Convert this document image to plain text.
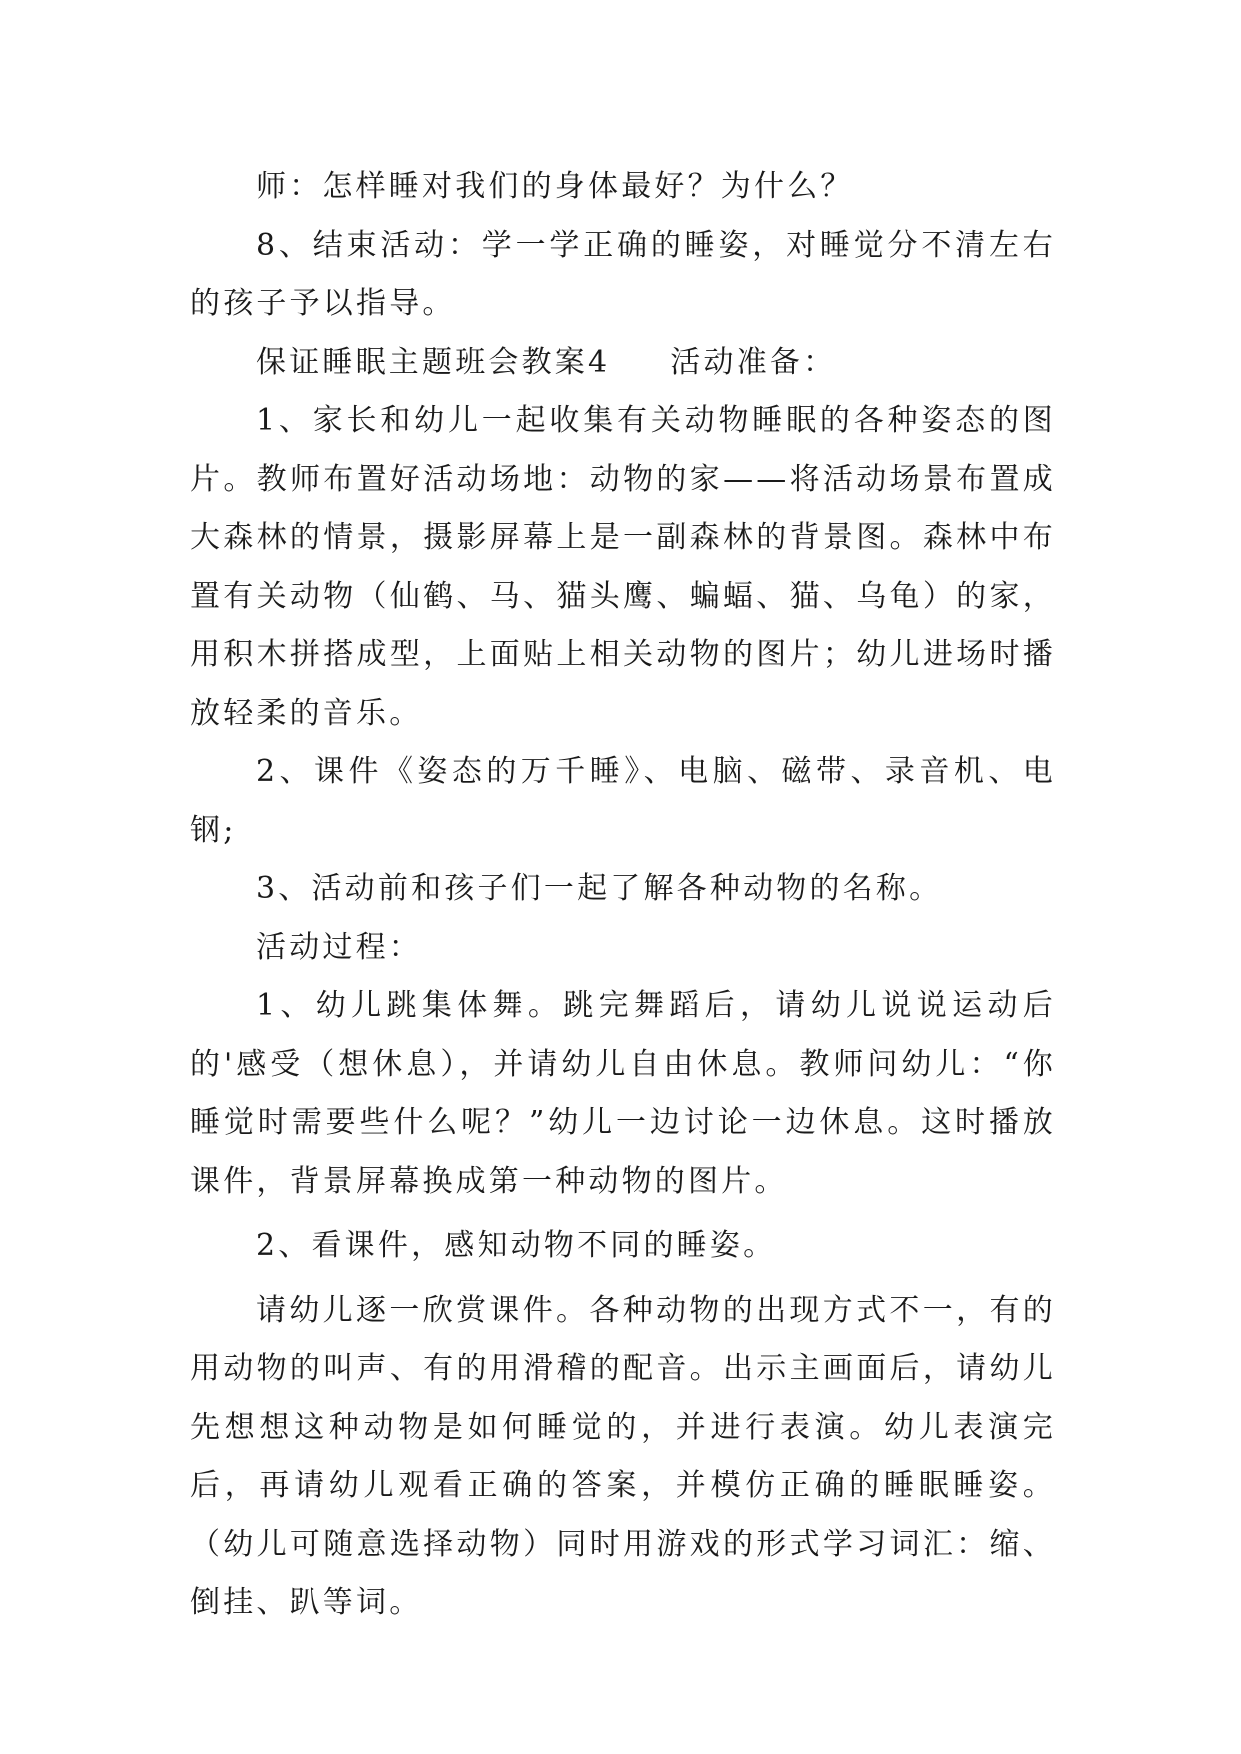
师：怎样睡对我们的身体最好？为什么？

8、结束活动：学一学正确的睡姿，对睡觉分不清左右的孩子予以指导。

保证睡眠主题班会教案4 活动准备：

1、家长和幼儿一起收集有关动物睡眠的各种姿态的图片。教师布置好活动场地：动物的家——将活动场景布置成大森林的情景，摄影屏幕上是一副森林的背景图。森林中布置有关动物（仙鹤、马、猫头鹰、蝙蝠、猫、乌龟）的家，用积木拼搭成型，上面贴上相关动物的图片；幼儿进场时播放轻柔的音乐。

2、课件《姿态的万千睡》、电脑、磁带、录音机、电钢;

3、活动前和孩子们一起了解各种动物的名称。

活动过程：

1、幼儿跳集体舞。跳完舞蹈后，请幼儿说说运动后的'感受（想休息），并请幼儿自由休息。教师问幼儿：“你睡觉时需要些什么呢？”幼儿一边讨论一边休息。这时播放课件，背景屏幕换成第一种动物的图片。

2、看课件，感知动物不同的睡姿。

请幼儿逐一欣赏课件。各种动物的出现方式不一，有的用动物的叫声、有的用滑稽的配音。出示主画面后，请幼儿先想想这种动物是如何睡觉的，并进行表演。幼儿表演完后，再请幼儿观看正确的答案，并模仿正确的睡眠睡姿。（幼儿可随意选择动物）同时用游戏的形式学习词汇：缩、倒挂、趴等词。
